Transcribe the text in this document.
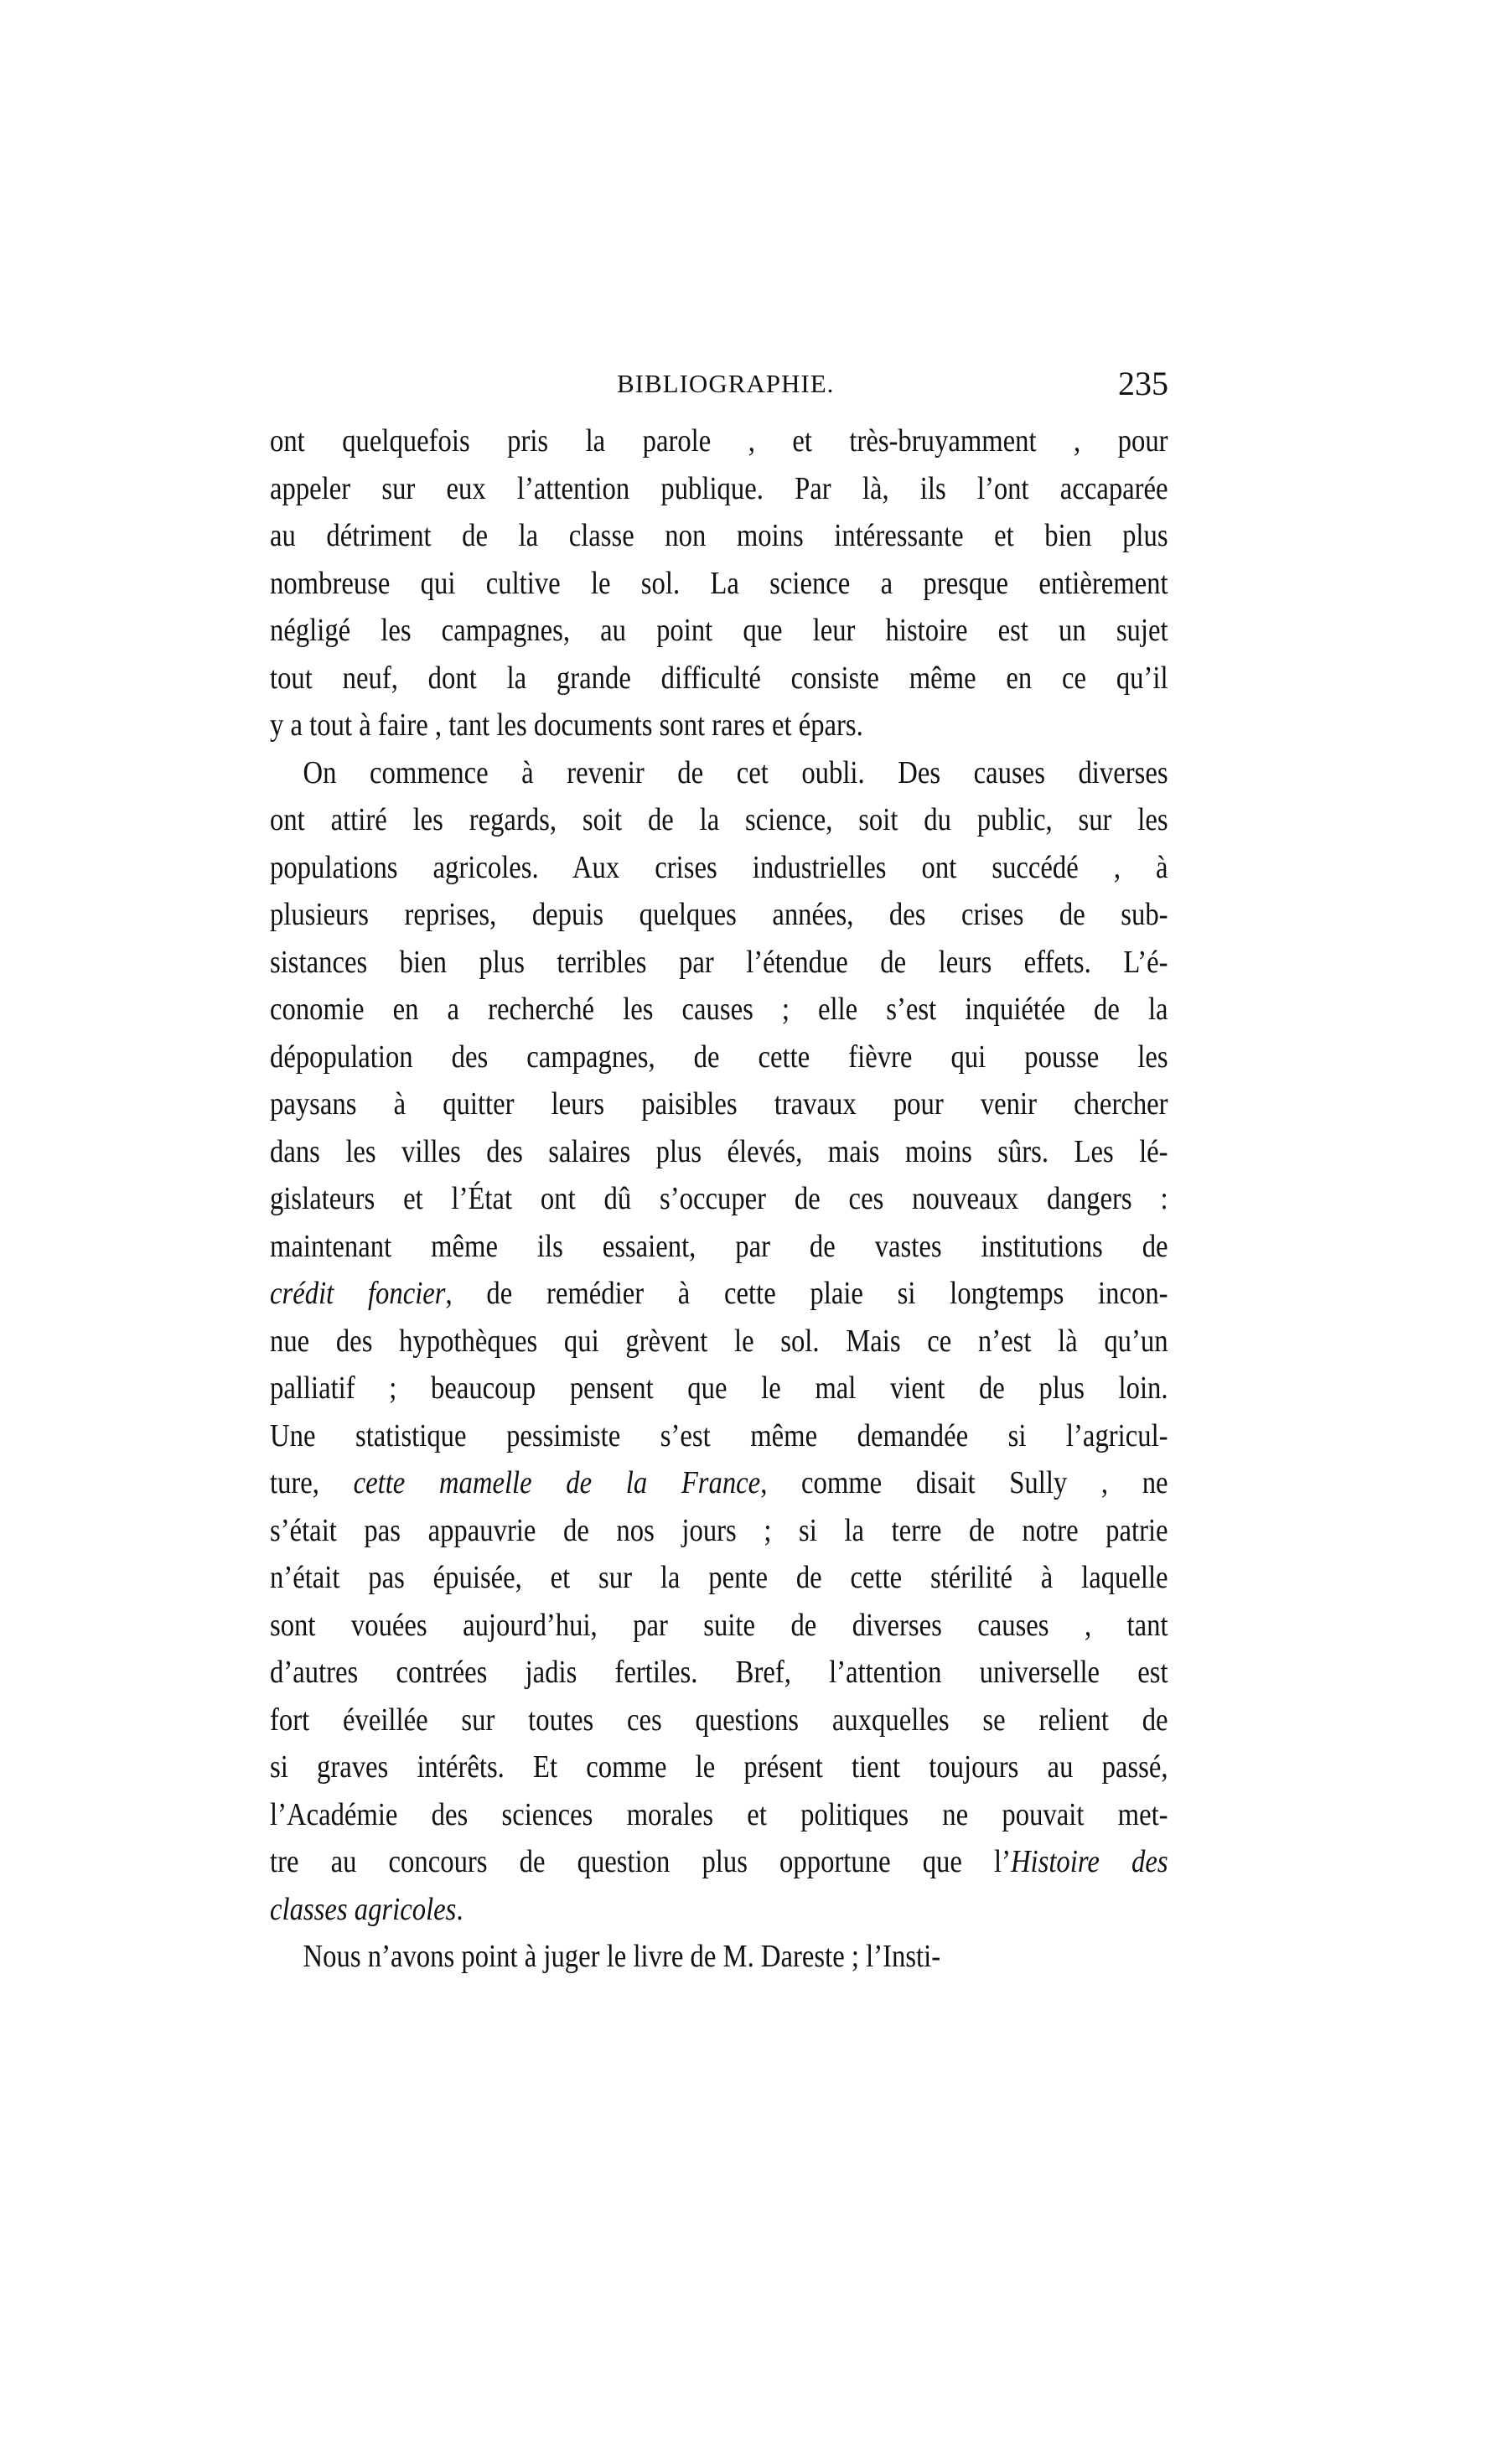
BIBLIOGRAPHIE.	235
ont quelquefois pris la parole , et très-bruyamment , pour
appeler sur eux l’attention publique. Par là, ils l’ont accaparée
au détriment de la classe non moins intéressante et bien plus
nombreuse qui cultive le sol. La science a presque entièrement
négligé les campagnes, au point que leur histoire est un sujet
tout neuf, dont la grande difficulté consiste même en ce qu’il
y a tout à faire , tant les documents sont rares et épars.
On commence à revenir de cet oubli. Des causes diverses
ont attiré les regards, soit de la science, soit du public, sur les
populations agricoles. Aux crises industrielles ont succédé , à
plusieurs reprises, depuis quelques années, des crises de sub-
sistances bien plus terribles par l’étendue de leurs effets. L’é-
conomie en a recherché les causes ; elle s’est inquiétée de la
dépopulation des campagnes, de cette fièvre qui pousse les
paysans à quitter leurs paisibles travaux pour venir chercher
dans les villes des salaires plus élevés, mais moins sûrs. Les lé-
gislateurs et l’État ont dû s’occuper de ces nouveaux dangers :
maintenant même ils essaient, par de vastes institutions de
crédit foncier, de remédier à cette plaie si longtemps incon-
nue des hypothèques qui grèvent le sol. Mais ce n’est là qu’un
palliatif ; beaucoup pensent que le mal vient de plus loin.
Une statistique pessimiste s’est même demandée si l’agricul-
ture, cette mamelle de la France, comme disait Sully , ne
s’était pas appauvrie de nos jours ; si la terre de notre patrie
n’était pas épuisée, et sur la pente de cette stérilité à laquelle
sont vouées aujourd’hui, par suite de diverses causes , tant
d’autres contrées jadis fertiles. Bref, l’attention universelle est
fort éveillée sur toutes ces questions auxquelles se relient de
si graves intérêts. Et comme le présent tient toujours au passé,
l’Académie des sciences morales et politiques ne pouvait met-
tre au concours de question plus opportune que l’Histoire des
classes agricoles.
Nous n’avons point à juger le livre de M. Dareste ; l’Insti-
